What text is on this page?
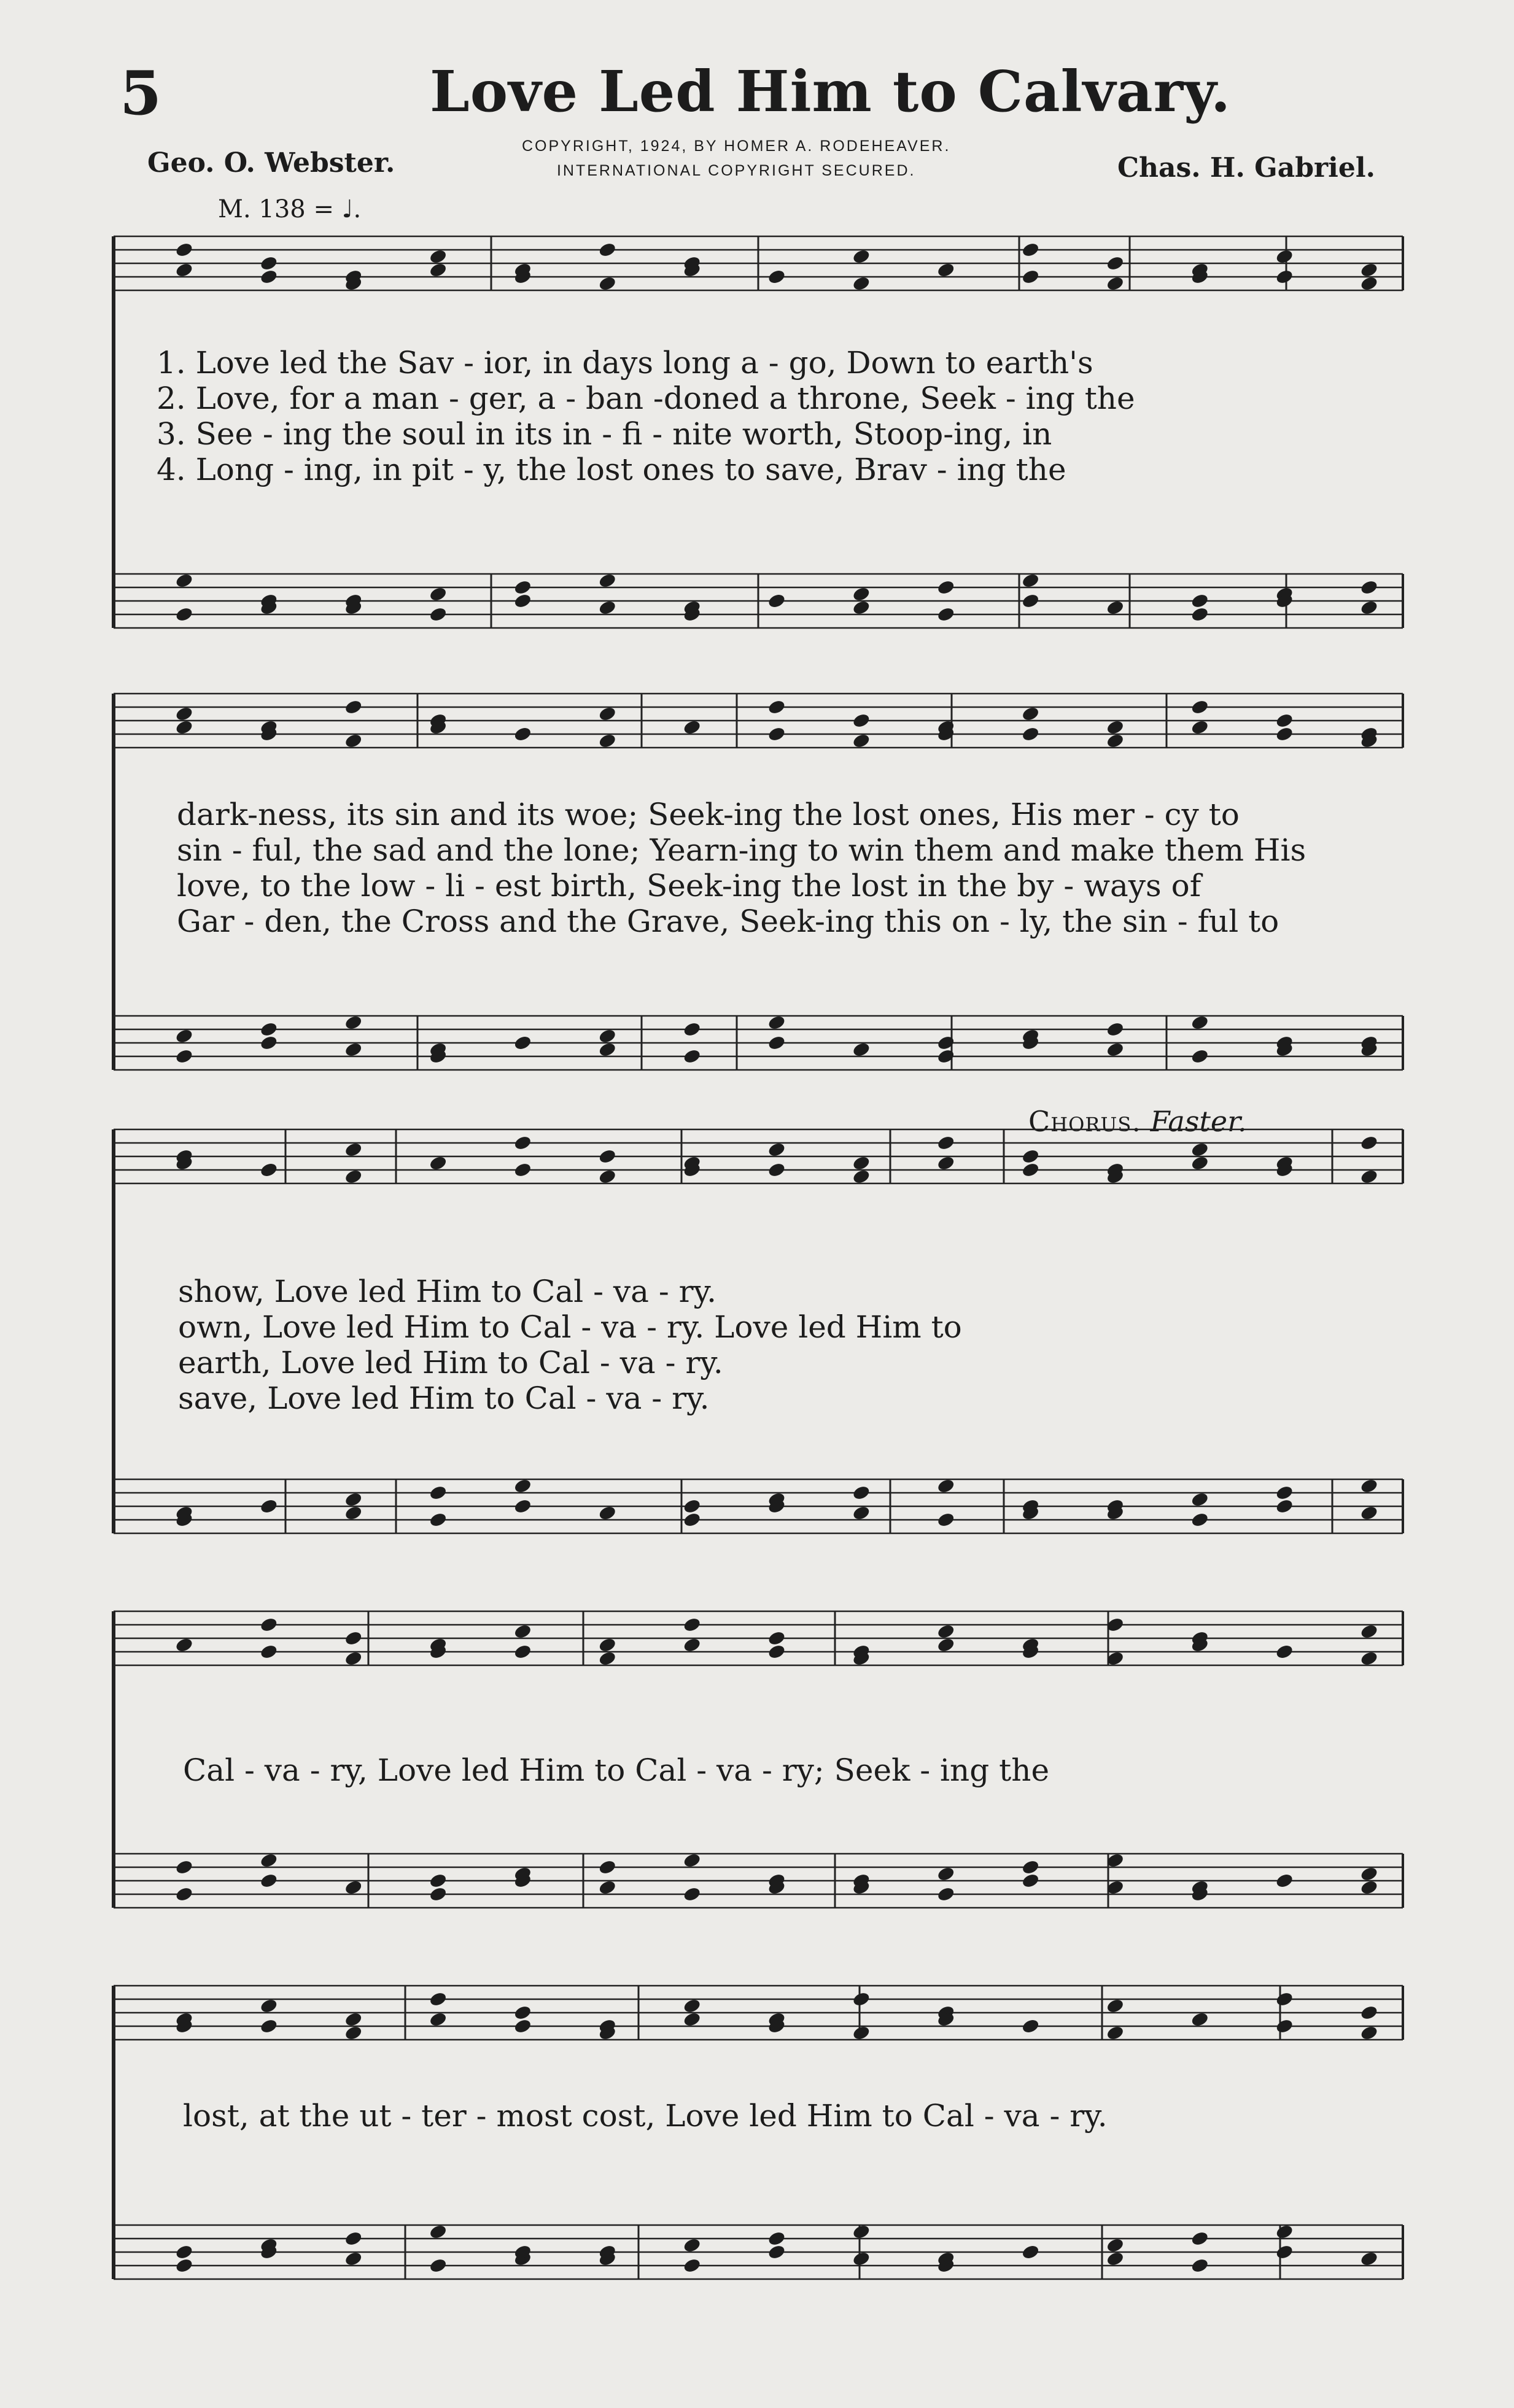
5	Love Led Him to Calvary.
COPYRIGHT, 1924, BY HOMER A. RODEHEAVER.
INTERNATIONAL COPYRIGHT SECURED.
Geo. O. Webster.	Chas. H. Gabriel.
M. 138 = ♩.
Chorus. Faster.
1. Love led the Sav - ior, in days long a - go, Down to earth's
2. Love, for a man - ger, a - ban -doned a throne, Seek - ing the
3. See - ing the soul in its in - fi - nite worth, Stoop-ing, in
4. Long - ing, in pit - y, the lost ones to save, Brav - ing the
dark-ness, its sin and its woe; Seek-ing the lost ones, His mer - cy to
sin - ful, the sad and the lone; Yearn-ing to win them and make them His
love, to the low - li - est birth, Seek-ing the lost in the by - ways of
Gar - den, the Cross and the Grave, Seek-ing this on - ly, the sin - ful to
show, Love led Him to Cal - va - ry.
own, Love led Him to Cal - va - ry. Love led Him to
earth, Love led Him to Cal - va - ry.
save, Love led Him to Cal - va - ry.
Cal - va - ry, Love led Him to Cal - va - ry; Seek - ing the
lost, at the ut - ter - most cost, Love led Him to Cal - va - ry.
